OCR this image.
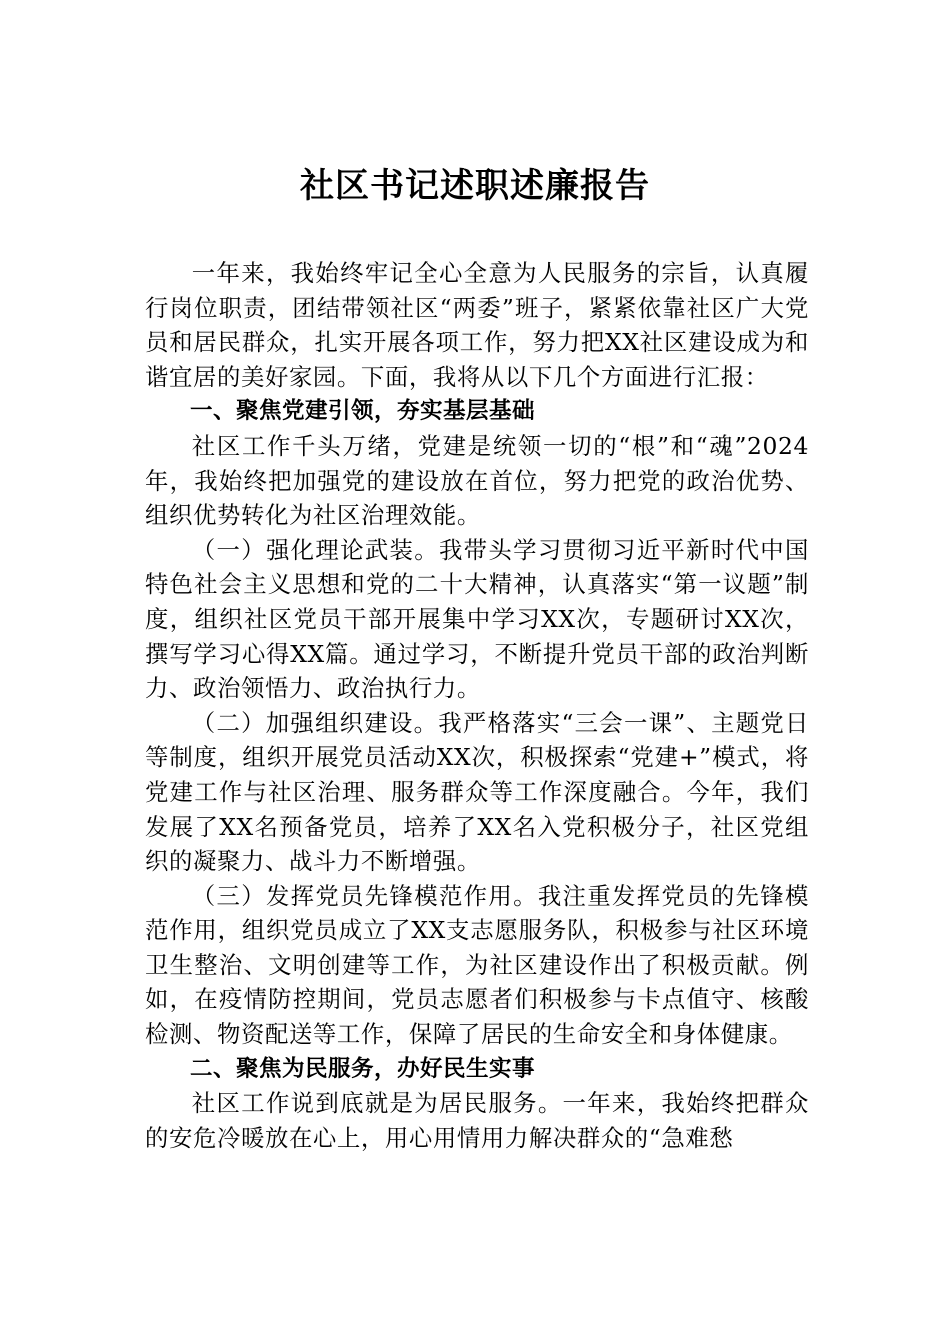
社区书记述职述廉报告

一年来，我始终牢记全心全意为人民服务的宗旨，认真履行岗位职责，团结带领社区“两委”班子，紧紧依靠社区广大党员和居民群众，扎实开展各项工作，努力把XX社区建设成为和谐宜居的美好家园。下面，我将从以下几个方面进行汇报：

一、聚焦党建引领，夯实基层基础

社区工作千头万绪，党建是统领一切的“根”和“魂”2024年，我始终把加强党的建设放在首位，努力把党的政治优势、组织优势转化为社区治理效能。

（一）强化理论武装。我带头学习贯彻习近平新时代中国特色社会主义思想和党的二十大精神，认真落实“第一议题”制度，组织社区党员干部开展集中学习XX次，专题研讨XX次，撰写学习心得XX篇。通过学习，不断提升党员干部的政治判断力、政治领悟力、政治执行力。

（二）加强组织建设。我严格落实“三会一课”、主题党日等制度，组织开展党员活动XX次，积极探索“党建+”模式，将党建工作与社区治理、服务群众等工作深度融合。今年，我们发展了XX名预备党员，培养了XX名入党积极分子，社区党组织的凝聚力、战斗力不断增强。

（三）发挥党员先锋模范作用。我注重发挥党员的先锋模范作用，组织党员成立了XX支志愿服务队，积极参与社区环境卫生整治、文明创建等工作，为社区建设作出了积极贡献。例如，在疫情防控期间，党员志愿者们积极参与卡点值守、核酸检测、物资配送等工作，保障了居民的生命安全和身体健康。

二、聚焦为民服务，办好民生实事

社区工作说到底就是为居民服务。一年来，我始终把群众的安危冷暖放在心上，用心用情用力解决群众的“急难愁
